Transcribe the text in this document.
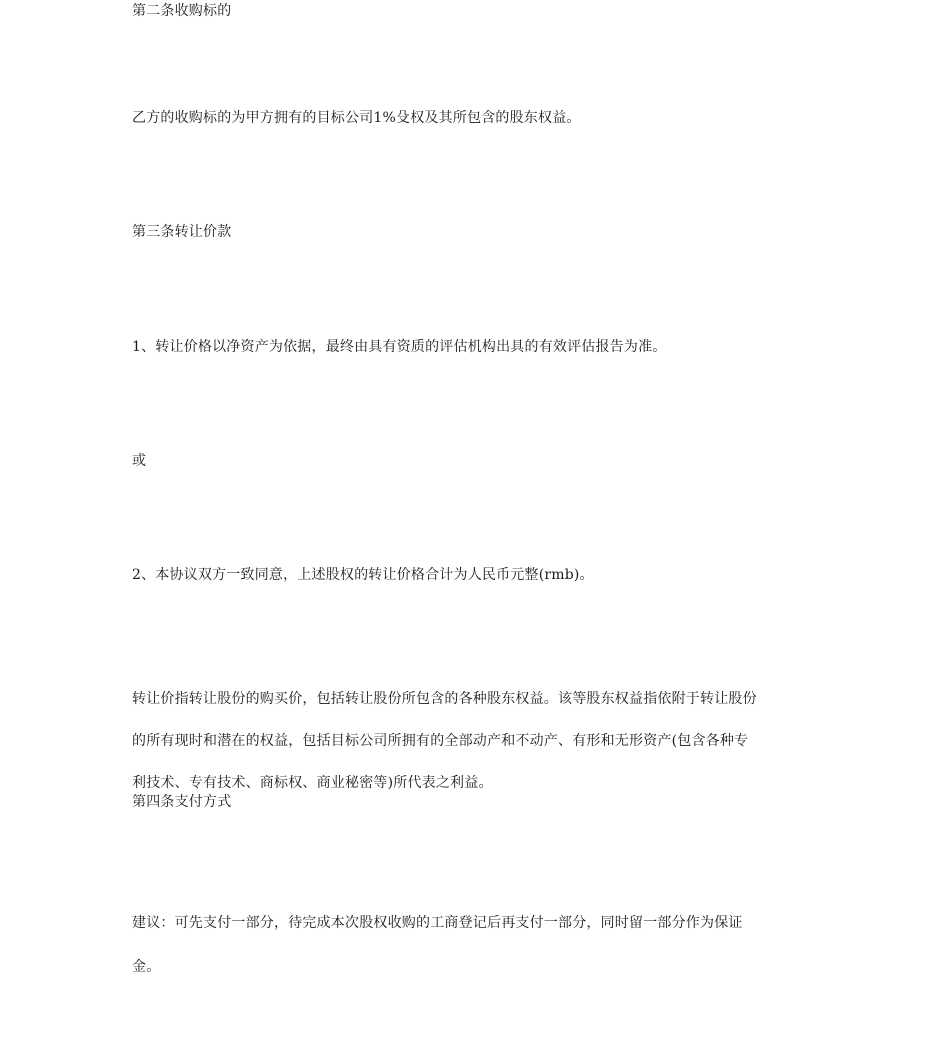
第二条收购标的
乙方的收购标的为甲方拥有的目标公司1%殳权及其所包含的股东权益。
第三条转让价款
1、转让价格以净资产为依据，最终由具有资质的评估机构出具的有效评估报告为准。
或
2、本协议双方一致同意，上述股权的转让价格合计为人民币元整(rmb)。
转让价指转让股份的购买价，包括转让股份所包含的各种股东权益。该等股东权益指依附于转让股份
的所有现时和潜在的权益，包括目标公司所拥有的全部动产和不动产、有形和无形资产(包含各种专
利技术、专有技术、商标权、商业秘密等)所代表之利益。
第四条支付方式
建议：可先支付一部分，待完成本次股权收购的工商登记后再支付一部分，同时留一部分作为保证
金。
